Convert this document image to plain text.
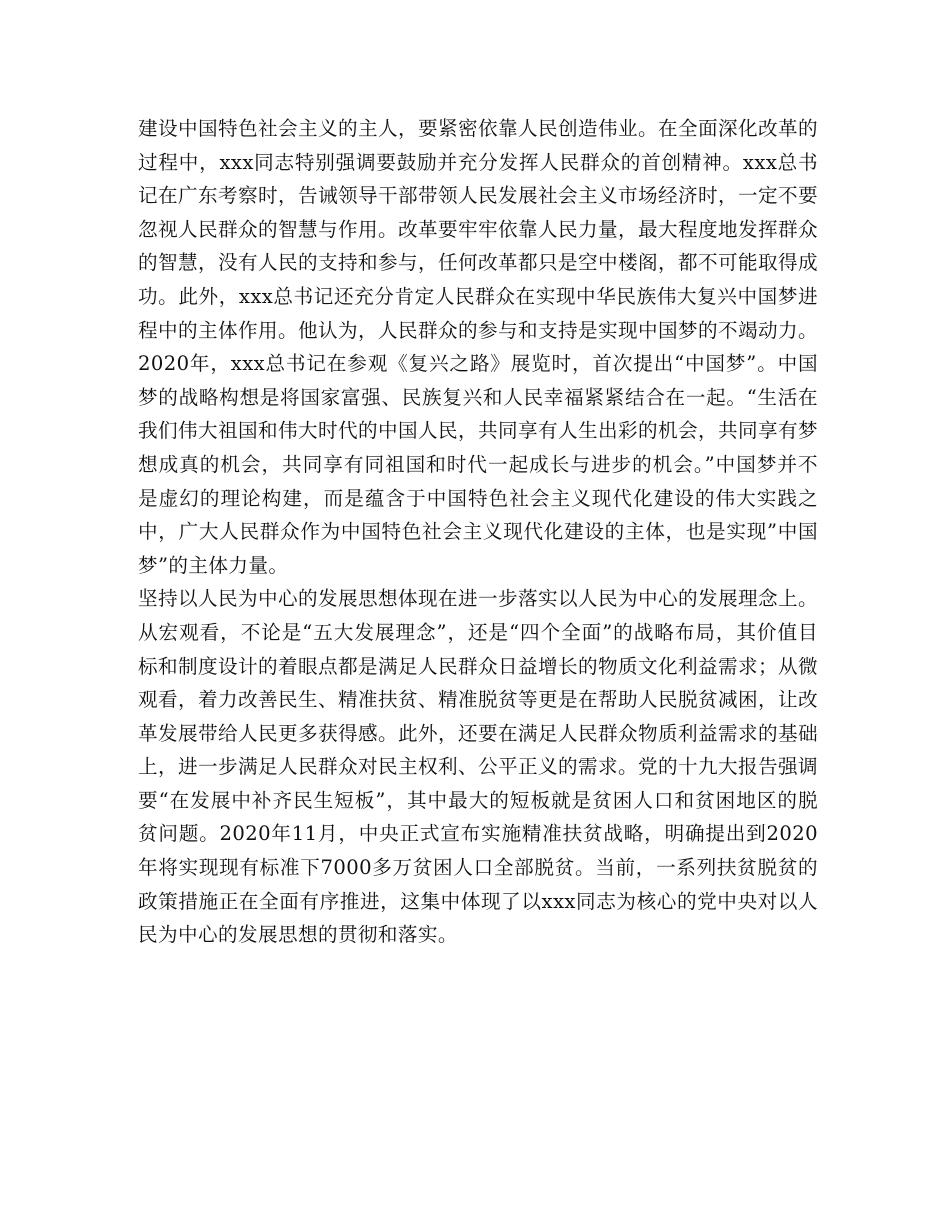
建设中国特色社会主义的主人，要紧密依靠人民创造伟业。在全面深化改革的过程中，xxx同志特别强调要鼓励并充分发挥人民群众的首创精神。xxx总书记在广东考察时，告诫领导干部带领人民发展社会主义市场经济时，一定不要忽视人民群众的智慧与作用。改革要牢牢依靠人民力量，最大程度地发挥群众的智慧，没有人民的支持和参与，任何改革都只是空中楼阁，都不可能取得成功。此外，xxx总书记还充分肯定人民群众在实现中华民族伟大复兴中国梦进程中的主体作用。他认为，人民群众的参与和支持是实现中国梦的不竭动力。2020年，xxx总书记在参观《复兴之路》展览时，首次提出“中国梦”。中国梦的战略构想是将国家富强、民族复兴和人民幸福紧紧结合在一起。“生活在我们伟大祖国和伟大时代的中国人民，共同享有人生出彩的机会，共同享有梦想成真的机会，共同享有同祖国和时代一起成长与进步的机会。”中国梦并不是虚幻的理论构建，而是蕴含于中国特色社会主义现代化建设的伟大实践之中，广大人民群众作为中国特色社会主义现代化建设的主体，也是实现”中国梦”的主体力量。

坚持以人民为中心的发展思想体现在进一步落实以人民为中心的发展理念上。从宏观看，不论是“五大发展理念”，还是“四个全面”的战略布局，其价值目标和制度设计的着眼点都是满足人民群众日益增长的物质文化利益需求；从微观看，着力改善民生、精准扶贫、精准脱贫等更是在帮助人民脱贫减困，让改革发展带给人民更多获得感。此外，还要在满足人民群众物质利益需求的基础上，进一步满足人民群众对民主权利、公平正义的需求。党的十九大报告强调要“在发展中补齐民生短板”，其中最大的短板就是贫困人口和贫困地区的脱贫问题。2020年11月，中央正式宣布实施精准扶贫战略，明确提出到2020年将实现现有标准下7000多万贫困人口全部脱贫。当前，一系列扶贫脱贫的政策措施正在全面有序推进，这集中体现了以xxx同志为核心的党中央对以人民为中心的发展思想的贯彻和落实。
